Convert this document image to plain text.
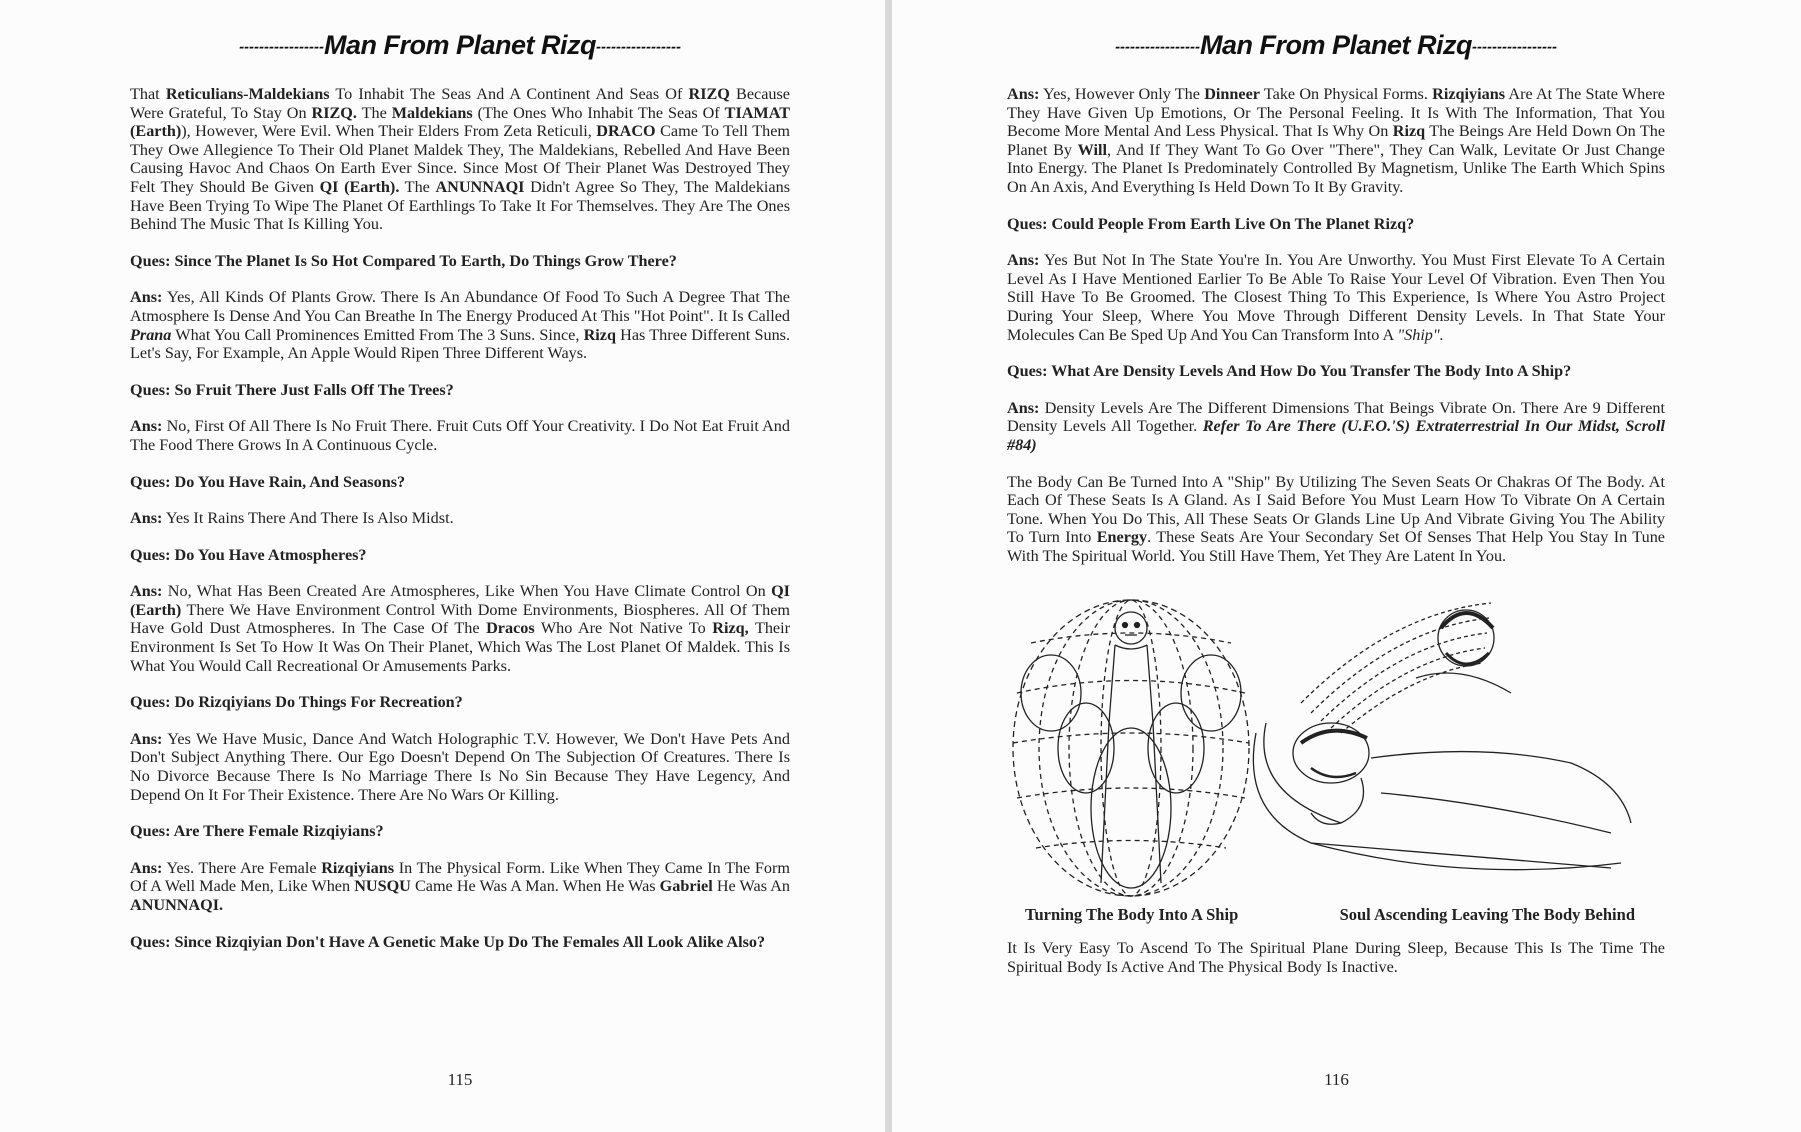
-----------------Man From Planet Rizq-----------------
That Reticulians-Maldekians To Inhabit The Seas And A Continent And Seas Of RIZQ Because Were Grateful, To Stay On RIZQ. The Maldekians (The Ones Who Inhabit The Seas Of TIAMAT (Earth)), However, Were Evil. When Their Elders From Zeta Reticuli, DRACO Came To Tell Them They Owe Allegience To Their Old Planet Maldek They, The Maldekians, Rebelled And Have Been Causing Havoc And Chaos On Earth Ever Since. Since Most Of Their Planet Was Destroyed They Felt They Should Be Given QI (Earth). The ANUNNAQI Didn't Agree So They, The Maldekians Have Been Trying To Wipe The Planet Of Earthlings To Take It For Themselves. They Are The Ones Behind The Music That Is Killing You.
Ques: Since The Planet Is So Hot Compared To Earth, Do Things Grow There?
Ans: Yes, All Kinds Of Plants Grow. There Is An Abundance Of Food To Such A Degree That The Atmosphere Is Dense And You Can Breathe In The Energy Produced At This "Hot Point". It Is Called Prana What You Call Prominences Emitted From The 3 Suns. Since, Rizq Has Three Different Suns. Let's Say, For Example, An Apple Would Ripen Three Different Ways.
Ques: So Fruit There Just Falls Off The Trees?
Ans: No, First Of All There Is No Fruit There. Fruit Cuts Off Your Creativity. I Do Not Eat Fruit And The Food There Grows In A Continuous Cycle.
Ques: Do You Have Rain, And Seasons?
Ans: Yes It Rains There And There Is Also Midst.
Ques: Do You Have Atmospheres?
Ans: No, What Has Been Created Are Atmospheres, Like When You Have Climate Control On QI (Earth) There We Have Environment Control With Dome Environments, Biospheres. All Of Them Have Gold Dust Atmospheres. In The Case Of The Dracos Who Are Not Native To Rizq, Their Environment Is Set To How It Was On Their Planet, Which Was The Lost Planet Of Maldek. This Is What You Would Call Recreational Or Amusements Parks.
Ques: Do Rizqiyians Do Things For Recreation?
Ans: Yes We Have Music, Dance And Watch Holographic T.V. However, We Don't Have Pets And Don't Subject Anything There. Our Ego Doesn't Depend On The Subjection Of Creatures. There Is No Divorce Because There Is No Marriage There Is No Sin Because They Have Legency, And Depend On It For Their Existence. There Are No Wars Or Killing.
Ques: Are There Female Rizqiyians?
Ans: Yes. There Are Female Rizqiyians In The Physical Form. Like When They Came In The Form Of A Well Made Men, Like When NUSQU Came He Was A Man. When He Was Gabriel He Was An ANUNNAQI.
Ques: Since Rizqiyian Don't Have A Genetic Make Up Do The Females All Look Alike Also?
115
-----------------Man From Planet Rizq-----------------
Ans: Yes, However Only The Dinneer Take On Physical Forms. Rizqiyians Are At The State Where They Have Given Up Emotions, Or The Personal Feeling. It Is With The Information, That You Become More Mental And Less Physical. That Is Why On Rizq The Beings Are Held Down On The Planet By Will, And If They Want To Go Over "There", They Can Walk, Levitate Or Just Change Into Energy. The Planet Is Predominately Controlled By Magnetism, Unlike The Earth Which Spins On An Axis, And Everything Is Held Down To It By Gravity.
Ques: Could People From Earth Live On The Planet Rizq?
Ans: Yes But Not In The State You're In. You Are Unworthy. You Must First Elevate To A Certain Level As I Have Mentioned Earlier To Be Able To Raise Your Level Of Vibration. Even Then You Still Have To Be Groomed. The Closest Thing To This Experience, Is Where You Astro Project During Your Sleep, Where You Move Through Different Density Levels. In That State Your Molecules Can Be Sped Up And You Can Transform Into A "Ship".
Ques: What Are Density Levels And How Do You Transfer The Body Into A Ship?
Ans: Density Levels Are The Different Dimensions That Beings Vibrate On. There Are 9 Different Density Levels All Together. Refer To Are There (U.F.O.'S) Extraterrestrial In Our Midst, Scroll #84)
The Body Can Be Turned Into A "Ship" By Utilizing The Seven Seats Or Chakras Of The Body. At Each Of These Seats Is A Gland. As I Said Before You Must Learn How To Vibrate On A Certain Tone. When You Do This, All These Seats Or Glands Line Up And Vibrate Giving You The Ability To Turn Into Energy. These Seats Are Your Secondary Set Of Senses That Help You Stay In Tune With The Spiritual World. You Still Have Them, Yet They Are Latent In You.
Turning The Body Into A Ship	Soul Ascending Leaving The Body Behind
It Is Very Easy To Ascend To The Spiritual Plane During Sleep, Because This Is The Time The Spiritual Body Is Active And The Physical Body Is Inactive.
116
